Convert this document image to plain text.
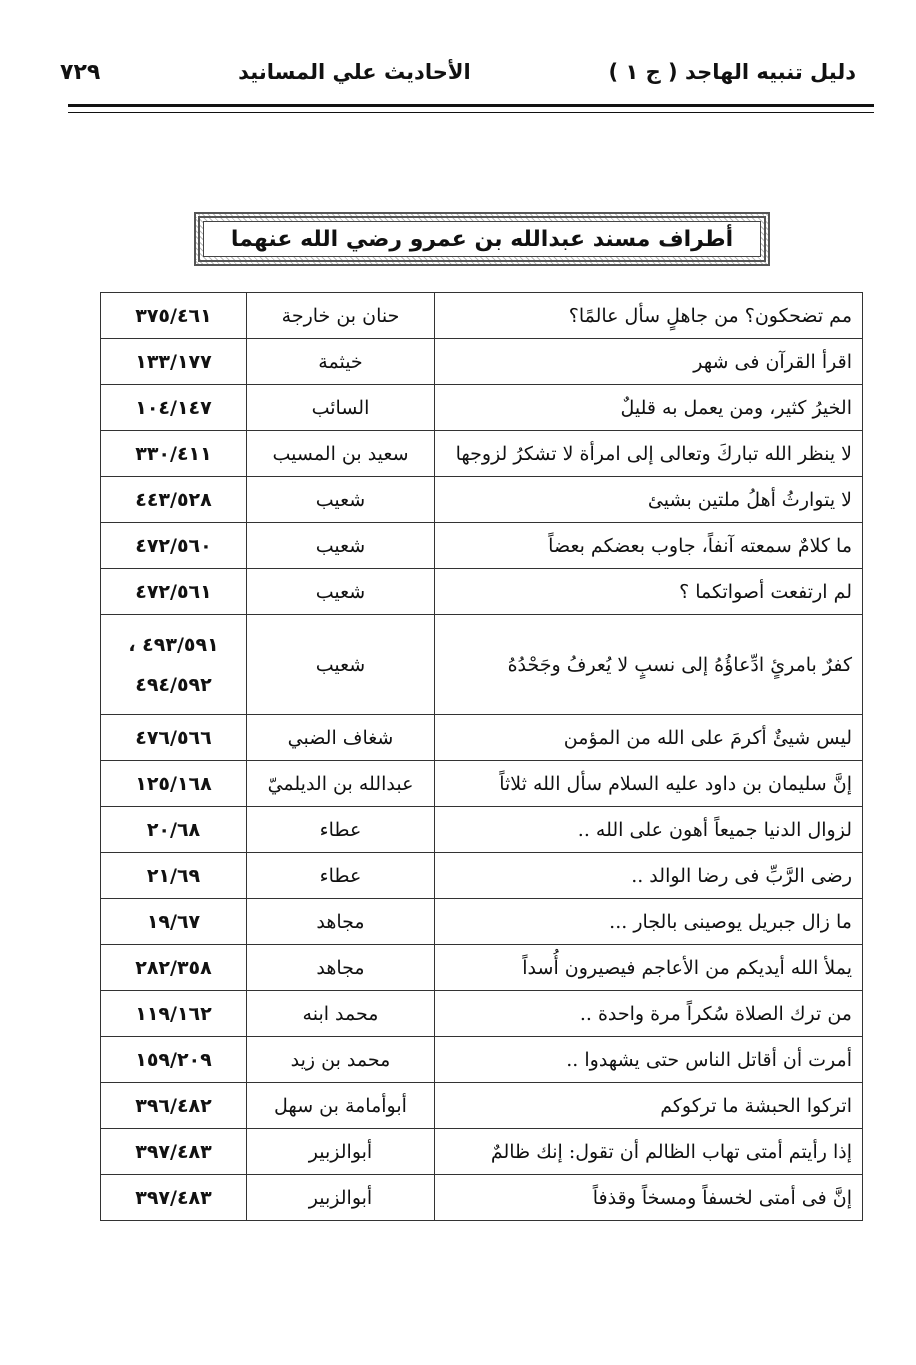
دليل تنبيه الهاجد ( ج ١ )
الأحاديث علي المسانيد
٧٢٩
أطراف مسند عبدالله بن عمرو رضي الله عنهما
مم تضحكون؟ من جاهلٍ سأل عالمًا؟	حنان بن خارجة	٣٧٥/٤٦١

اقرأ القرآن فى شهر	خيثمة	١٣٣/١٧٧

الخيرُ كثير، ومن يعمل به قليلٌ	السائب	١٠٤/١٤٧

لا ينظر الله تباركَ وتعالى إلى امرأة لا تشكرُ لزوجها	سعيد بن المسيب	٣٣٠/٤١١

لا يتوارثُ أهلُ ملتين بشيئ	شعيب	٤٤٣/٥٢٨

ما كلامٌ سمعته آنفاً، جاوب بعضكم بعضاً	شعيب	٤٧٢/٥٦٠

لم ارتفعت أصواتكما ؟	شعيب	٤٧٢/٥٦١

كفرٌ بامرئٍ ادِّعاؤُهُ إلى نسبٍ لا يُعرفُ وجَحْدُهُ	شعيب	٤٩٣/٥٩١ ،
٤٩٤/٥٩٢

ليس شيئٌ أكرمَ على الله من المؤمن	شغاف الضبي	٤٧٦/٥٦٦

إنَّ سليمان بن داود عليه السلام سأل الله ثلاثاً	عبدالله بن الديلميّ	١٢٥/١٦٨

لزوال الدنيا جميعاً أهون على الله ..	عطاء	٢٠/٦٨

رضى الرَّبِّ فى رضا الوالد ..	عطاء	٢١/٦٩

ما زال جبريل يوصينى بالجار ...	مجاهد	١٩/٦٧

يملأ الله أيديكم من الأعاجم فيصيرون أُسداً	مجاهد	٢٨٢/٣٥٨

من ترك الصلاة سُكراً مرة واحدة ..	محمد ابنه	١١٩/١٦٢

أمرت أن أقاتل الناس حتى يشهدوا ..	محمد بن زيد	١٥٩/٢٠٩

اتركوا الحبشة ما تركوكم	أبوأمامة بن سهل	٣٩٦/٤٨٢

إذا رأيتم أمتى تهاب الظالم أن تقول: إنك ظالمٌ	أبوالزبير	٣٩٧/٤٨٣

إنَّ فى أمتى لخسفاً ومسخاً وقذفاً	أبوالزبير	٣٩٧/٤٨٣
